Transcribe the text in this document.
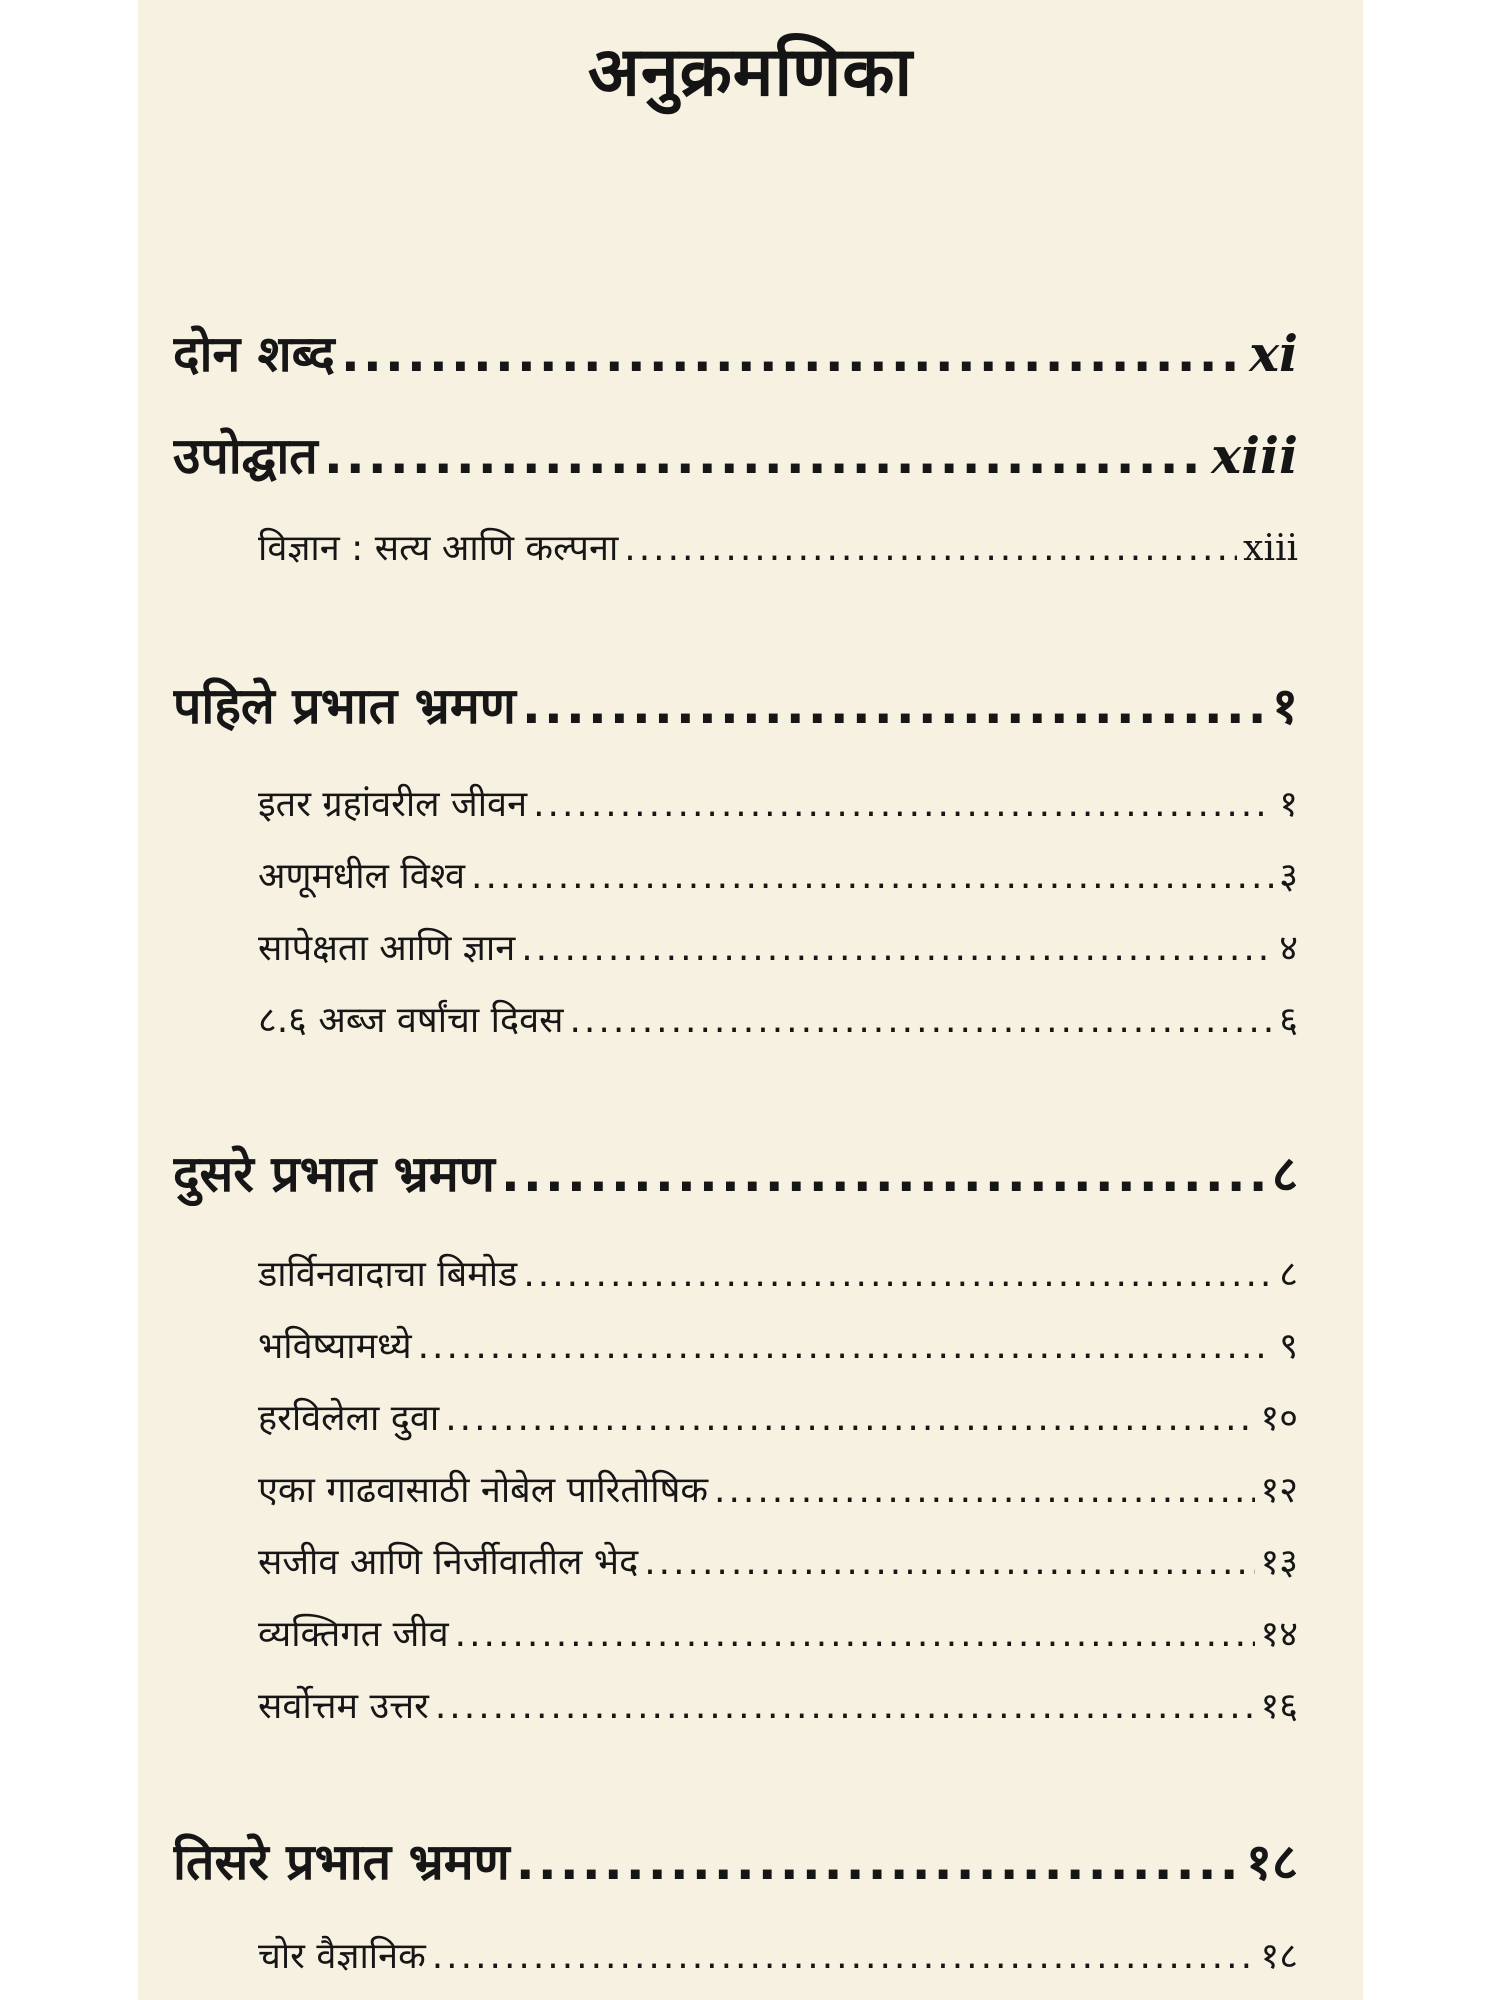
अनुक्रमणिका
दोन शब्द .....	xi
उपोद्घात .....	xiii
विज्ञान : सत्य आणि कल्पना .....	xiii
पहिले प्रभात भ्रमण .....	१
इतर ग्रहांवरील जीवन .....	१
अणूमधील विश्व .....	३
सापेक्षता आणि ज्ञान .....	४
८.६ अब्ज वर्षांचा दिवस .....	६
दुसरे प्रभात भ्रमण .....	८
डार्विनवादाचा बिमोड .....	८
भविष्यामध्ये .....	९
हरविलेला दुवा .....	१०
एका गाढवासाठी नोबेल पारितोषिक .....	१२
सजीव आणि निर्जीवातील भेद .....	१३
व्यक्तिगत जीव .....	१४
सर्वोत्तम उत्तर .....	१६
तिसरे प्रभात भ्रमण .....	१८
चोर वैज्ञानिक .....	१८
